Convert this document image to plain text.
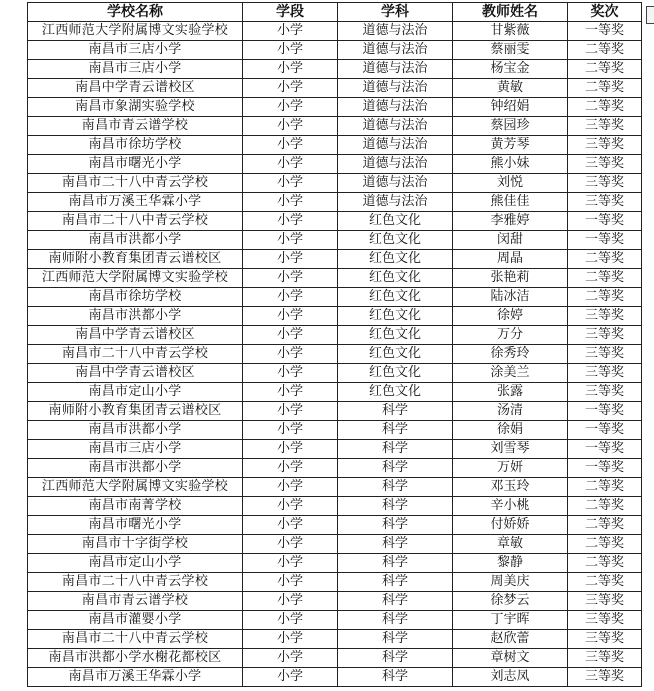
学校名称	学段	学科	教师姓名	奖次
江西师范大学附属博文实验学校	小学	道德与法治	甘紫薇	一等奖
南昌市三店小学	小学	道德与法治	蔡丽雯	二等奖
南昌市三店小学	小学	道德与法治	杨宝金	二等奖
南昌中学青云谱校区	小学	道德与法治	黄敏	二等奖
南昌市象湖实验学校	小学	道德与法治	钟绍娟	二等奖
南昌市青云谱学校	小学	道德与法治	蔡园珍	三等奖
南昌市徐坊学校	小学	道德与法治	黄芳琴	三等奖
南昌市曙光小学	小学	道德与法治	熊小妹	三等奖
南昌市二十八中青云学校	小学	道德与法治	刘悦	三等奖
南昌市万溪王华霖小学	小学	道德与法治	熊佳佳	三等奖
南昌市二十八中青云学校	小学	红色文化	李雅婷	一等奖
南昌市洪都小学	小学	红色文化	闵甜	一等奖
南师附小教育集团青云谱校区	小学	红色文化	周晶	二等奖
江西师范大学附属博文实验学校	小学	红色文化	张艳莉	二等奖
南昌市徐坊学校	小学	红色文化	陆冰洁	二等奖
南昌市洪都小学	小学	红色文化	徐婷	三等奖
南昌中学青云谱校区	小学	红色文化	万分	三等奖
南昌市二十八中青云学校	小学	红色文化	徐秀玲	三等奖
南昌中学青云谱校区	小学	红色文化	涂美兰	三等奖
南昌市定山小学	小学	红色文化	张露	三等奖
南师附小教育集团青云谱校区	小学	科学	汤清	一等奖
南昌市洪都小学	小学	科学	徐娟	一等奖
南昌市三店小学	小学	科学	刘雪琴	一等奖
南昌市洪都小学	小学	科学	万妍	一等奖
江西师范大学附属博文实验学校	小学	科学	邓玉玲	二等奖
南昌市南菁学校	小学	科学	辛小桃	二等奖
南昌市曙光小学	小学	科学	付娇娇	二等奖
南昌市十字街学校	小学	科学	章敏	二等奖
南昌市定山小学	小学	科学	黎静	二等奖
南昌市二十八中青云学校	小学	科学	周美庆	二等奖
南昌市青云谱学校	小学	科学	徐梦云	三等奖
南昌市灌婴小学	小学	科学	丁宇晖	三等奖
南昌市二十八中青云学校	小学	科学	赵欣蕾	三等奖
南昌市洪都小学水榭花都校区	小学	科学	章树文	三等奖
南昌市万溪王华霖小学	小学	科学	刘志凤	三等奖
